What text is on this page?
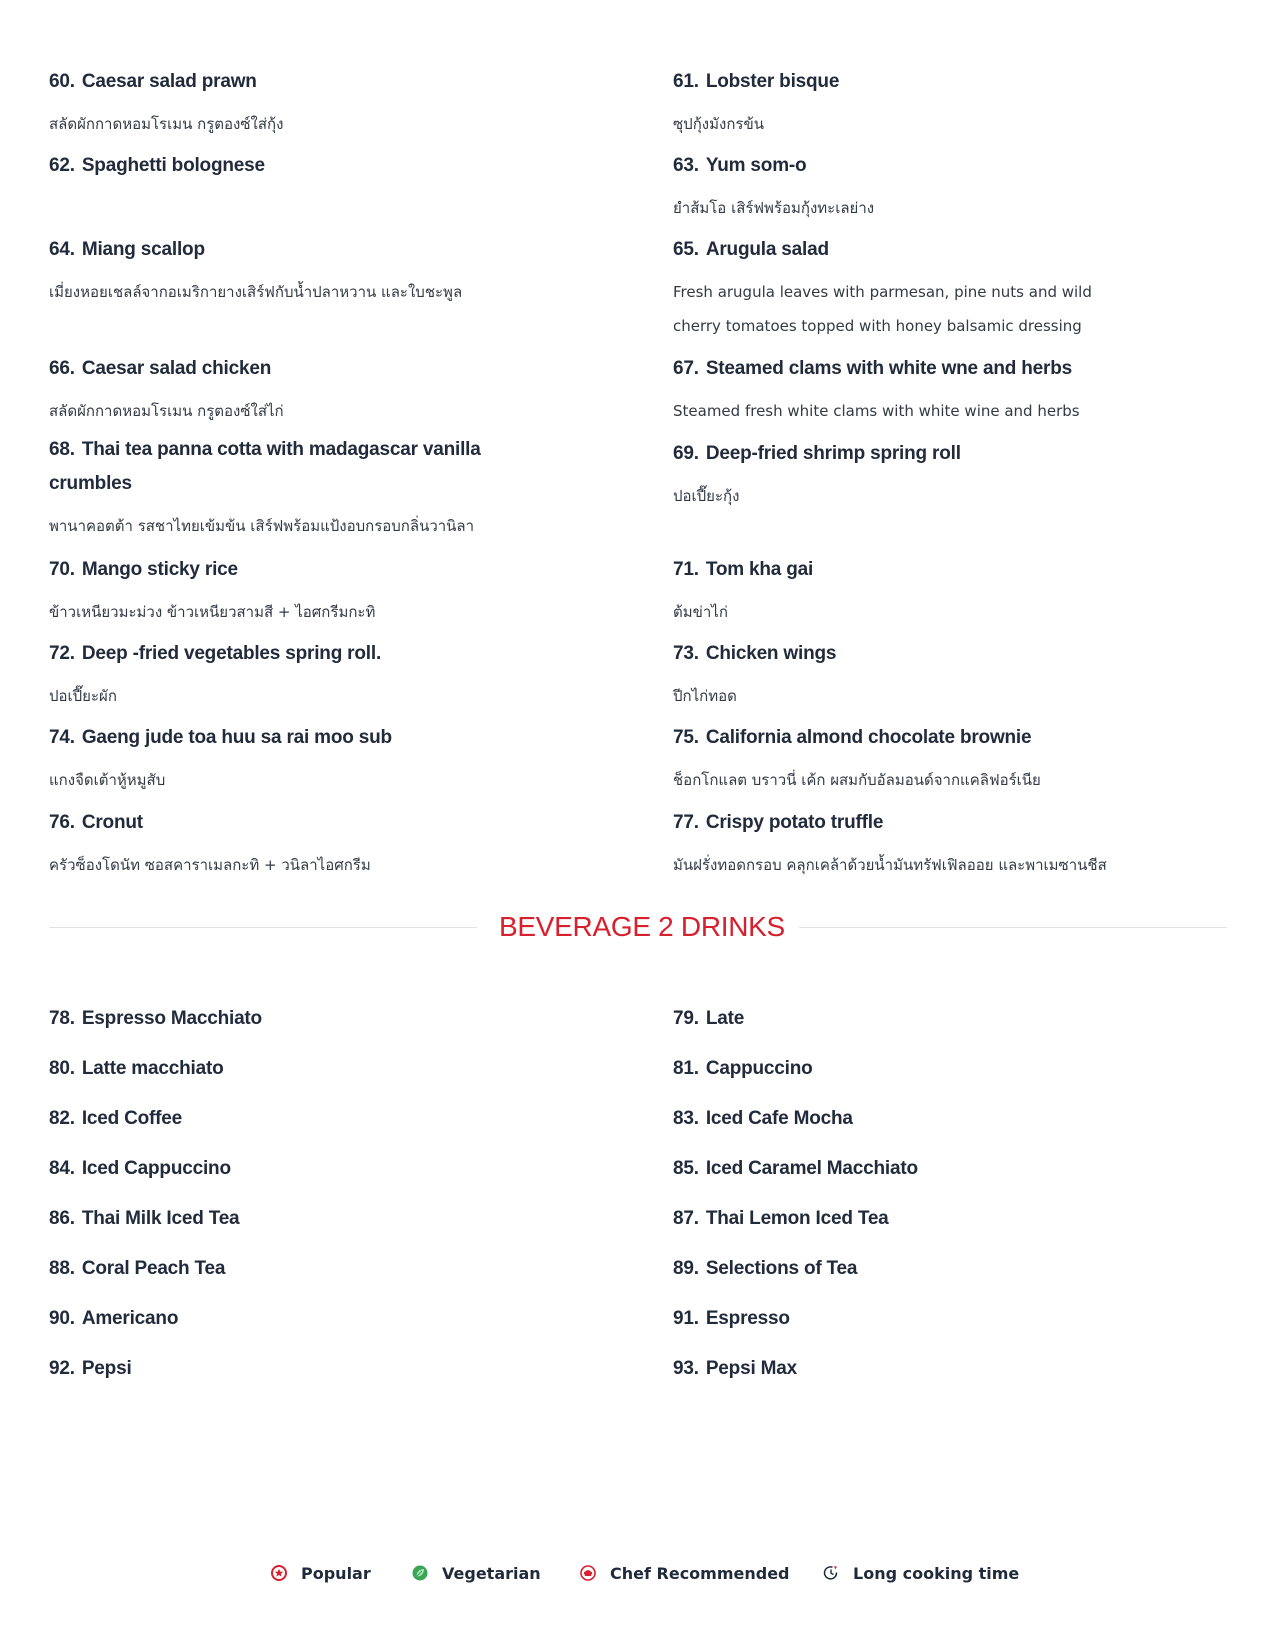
60. Caesar salad prawn
สลัดผักกาดหอมโรเมน กรูตองซ์ใส่กุ้ง
61. Lobster bisque
ซุปกุ้งมังกรข้น
62. Spaghetti bolognese	63. Yum som-o
ยำส้มโอ เสิร์ฟพร้อมกุ้งทะเลย่าง
64. Miang scallop
เมี่ยงหอยเชลล์จากอเมริกายางเสิร์ฟกับน้ำปลาหวาน และใบชะพูล
65. Arugula salad
Fresh arugula leaves with parmesan, pine nuts and wild cherry tomatoes topped with honey balsamic dressing
66. Caesar salad chicken
สลัดผักกาดหอมโรเมน กรูตองซ์ใส่ไก่
67. Steamed clams with white wne and herbs
Steamed fresh white clams with white wine and herbs
68. Thai tea panna cotta with madagascar vanilla crumbles
พานาคอตต้า รสชาไทยเข้มข้น เสิร์ฟพร้อมแป้งอบกรอบกลิ่นวานิลา
69. Deep-fried shrimp spring roll
ปอเปี๊ยะกุ้ง
70. Mango sticky rice
ข้าวเหนียวมะม่วง ข้าวเหนียวสามสี + ไอศกรีมกะทิ
71. Tom kha gai
ต้มข่าไก่
72. Deep -fried vegetables spring roll.
ปอเปี๊ยะผัก
73. Chicken wings
ปีกไก่ทอด
74. Gaeng jude toa huu sa rai moo sub
แกงจืดเต้าหู้หมูสับ
75. California almond chocolate brownie
ช็อกโกแลต บราวนี่ เค้ก ผสมกับอัลมอนด์จากแคลิฟอร์เนีย
76. Cronut
ครัวซ็องโดนัท ซอสคาราเมลกะทิ + วนิลาไอศกรีม
77. Crispy potato truffle
มันฝรั่งทอดกรอบ คลุกเคล้าด้วยน้ำมันทรัฟเฟิลออย และพาเมซานชีส
BEVERAGE 2 DRINKS
78. Espresso Macchiato	79. Late
80. Latte macchiato	81. Cappuccino
82. Iced Coffee	83. Iced Cafe Mocha
84. Iced Cappuccino	85. Iced Caramel Macchiato
86. Thai Milk Iced Tea	87. Thai Lemon Iced Tea
88. Coral Peach Tea	89. Selections of Tea
90. Americano	91. Espresso
92. Pepsi	93. Pepsi Max
Popular	Vegetarian	Chef Recommended	Long cooking time
